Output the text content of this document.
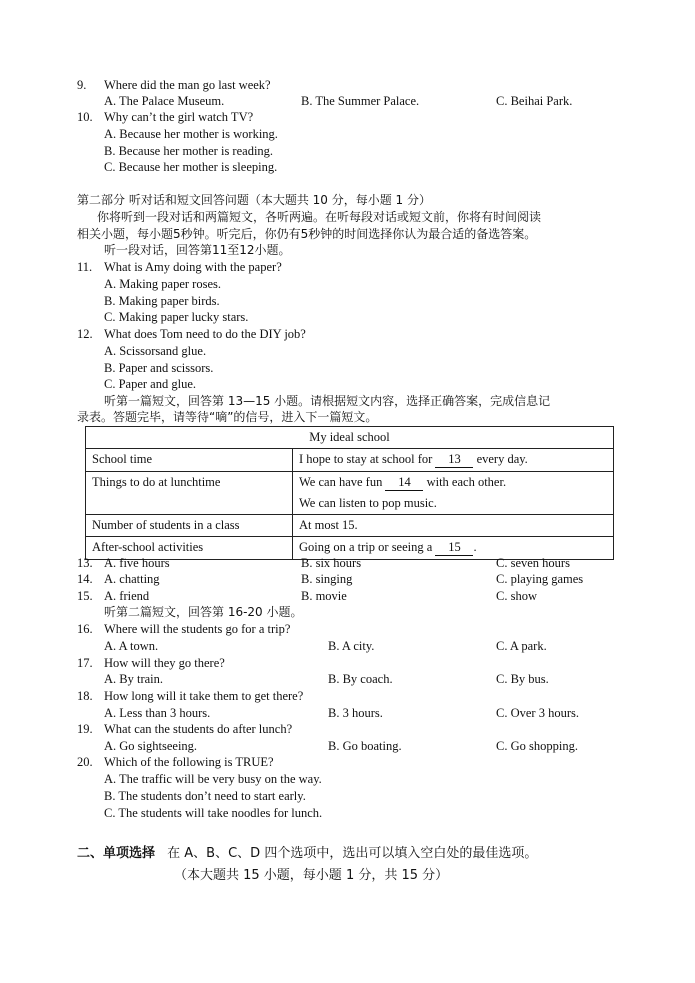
9. Where did the man go last week?
A. The Palace Museum.	B. The Summer Palace.	C. Beihai Park.
10. Why can’t the girl watch TV?
A. Because her mother is working.
B. Because her mother is reading.
C. Because her mother is sleeping.
第二部分 听对话和短文回答问题（本大题共 10 分，每小题 1 分）
你将听到一段对话和两篇短文，各听两遍。在听每段对话或短文前，你将有时间阅读
相关小题，每小题5秒钟。听完后，你仍有5秒钟的时间选择你认为最合适的备选答案。
听一段对话，回答第11至12小题。
11. What is Amy doing with the paper?
A. Making paper roses.
B. Making paper birds.
C. Making paper lucky stars.
12. What does Tom need to do the DIY job?
A. Scissorsand glue.
B. Paper and scissors.
C. Paper and glue.
听第一篇短文，回答第 13—15 小题。请根据短文内容，选择正确答案，完成信息记
录表。答题完毕，请等待“嘀”的信号，进入下一篇短文。
My ideal school	
School time	I hope to stay at school for 13 every day.
Things to do at lunchtime	We can have fun 14 with each other.
We can listen to pop music.

Number of students in a class	At most 15.
After-school activities	Going on a trip or seeing a 15 .
13. A. five hours	B. six hours	C. seven hours
14. A. chatting	B. singing	C. playing games
15. A. friend	B. movie	C. show
听第二篇短文，回答第 16-20 小题。
16. Where will the students go for a trip?
A. A town.	B. A city.	C. A park.
17. How will they go there?
A. By train.	B. By coach.	C. By bus.
18. How long will it take them to get there?
A. Less than 3 hours.	B. 3 hours.	C. Over 3 hours.
19. What can the students do after lunch?
A. Go sightseeing.	B. Go boating.	C. Go shopping.
20. Which of the following is TRUE?
A. The traffic will be very busy on the way.
B. The students don’t need to start early.
C. The students will take noodles for lunch.
二、单项选择 在 A、B、C、D 四个选项中，选出可以填入空白处的最佳选项。
（本大题共 15 小题，每小题 1 分，共 15 分）
